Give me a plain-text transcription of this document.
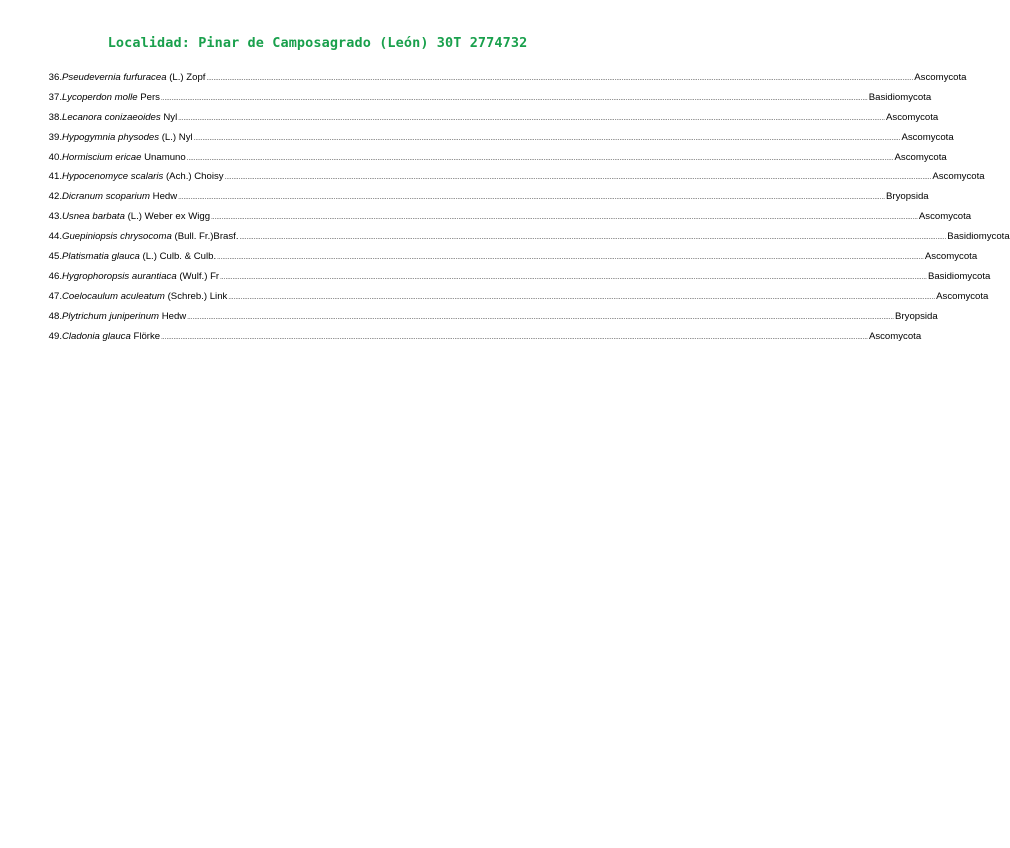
Localidad: Pinar de Camposagrado (León) 30T 2774732
36. Pseudevernia furfuracea (L.) Zopf ................................................................................................................................................................................................................................................................................................................................................................................................................ Ascomycota
37. Lycoperdon molle Pers ................................................................................................................................................................................................................................................................................................................................................................................................................ Basidiomycota
38. Lecanora conizaeoides Nyl ................................................................................................................................................................................................................................................................................................................................................................................................................ Ascomycota
39. Hypogymnia physodes (L.) Nyl ................................................................................................................................................................................................................................................................................................................................................................................................................ Ascomycota
40. Hormiscium ericae Unamuno ................................................................................................................................................................................................................................................................................................................................................................................................................ Ascomycota
41. Hypocenomyce scalaris (Ach.) Choisy ................................................................................................................................................................................................................................................................................................................................................................................................................ Ascomycota
42. Dicranum scoparium Hedw ................................................................................................................................................................................................................................................................................................................................................................................................................ Bryopsida
43. Usnea barbata (L.) Weber ex Wigg ................................................................................................................................................................................................................................................................................................................................................................................................................ Ascomycota
44. Guepiniopsis chrysocoma (Bull. Fr.)Brasf. ................................................................................................................................................................................................................................................................................................................................................................................................................ Basidiomycota
45. Platismatia glauca (L.) Culb. & Culb. ................................................................................................................................................................................................................................................................................................................................................................................................................ Ascomycota
46. Hygrophoropsis aurantiaca (Wulf.) Fr ................................................................................................................................................................................................................................................................................................................................................................................................................ Basidiomycota
47. Coelocaulum aculeatum (Schreb.) Link ................................................................................................................................................................................................................................................................................................................................................................................................................ Ascomycota
48. Plytrichum juniperinum Hedw ................................................................................................................................................................................................................................................................................................................................................................................................................ Bryopsida
49. Cladonia glauca Flörke ................................................................................................................................................................................................................................................................................................................................................................................................................ Ascomycota
